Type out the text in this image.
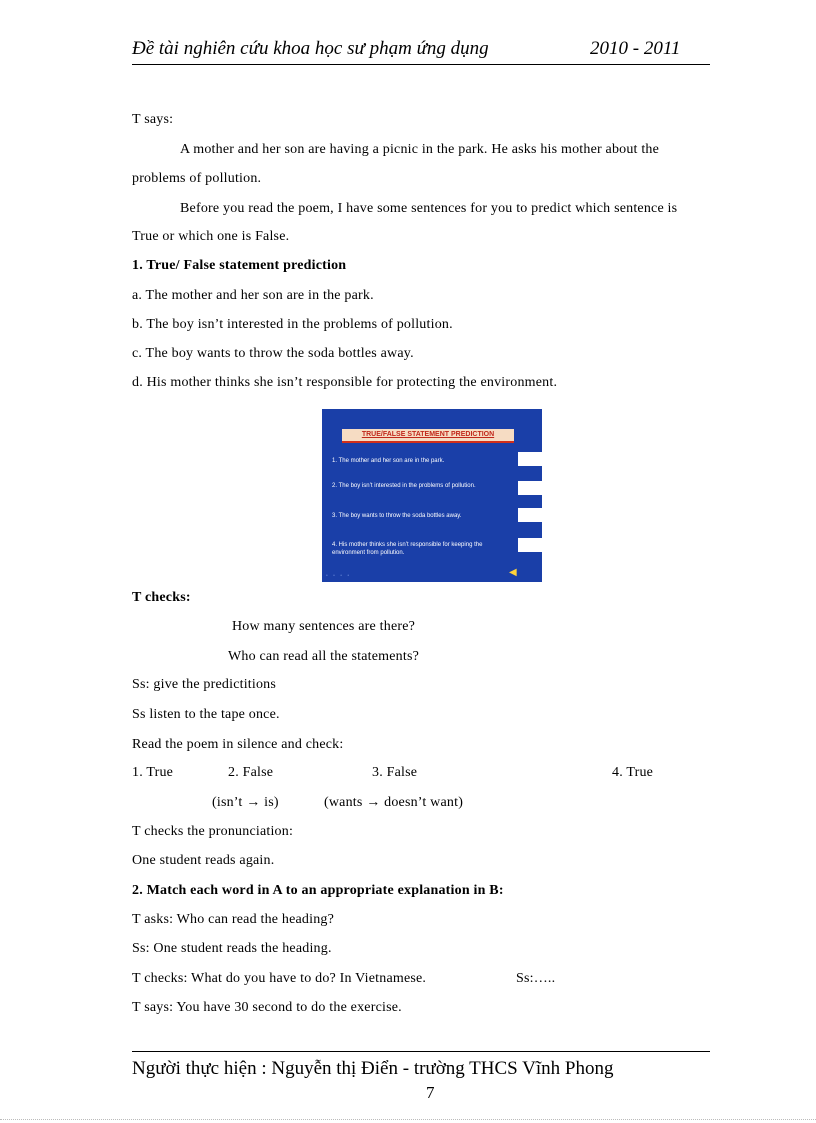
Đề tài nghiên cứu khoa học sư phạm ứng dụng	2010 - 2011
T says:
A mother and her son are having a picnic in the park. He asks his mother about the
problems of pollution.
Before you read the poem, I have some sentences for you to predict which sentence is
True or which one is False.
1. True/ False statement prediction
a. The mother and her son are in the park.
b. The boy isn’t interested in the problems of pollution.
c. The boy wants to throw the soda bottles away.
d. His mother thinks she isn’t responsible for protecting the environment.
TRUE/FALSE STATEMENT PREDICTION
1. The mother and her son are in the park.
2. The boy isn’t interested in the problems of pollution.
3. The boy wants to throw the soda bottles away.
4. His mother thinks she isn’t responsible for keeping the environment from pollution.
• • • •	◀
T checks:
How many sentences are there?
Who can read all the statements?
Ss: give the predictitions
Ss listen to the tape once.
Read the poem in silence and check:
1. True	2. False	3. False	4. True
(isn’t → is)	(wants → doesn’t want)
T checks the pronunciation:
One student reads again.
2. Match each word in A to an appropriate explanation in B:
T asks: Who can read the heading?
Ss: One student reads the heading.
T checks: What do you have to do? In Vietnamese.	Ss:…..
T says: You have 30 second to do the exercise.
Người thực hiện : Nguyễn thị Điển - trường THCS Vĩnh Phong
7
